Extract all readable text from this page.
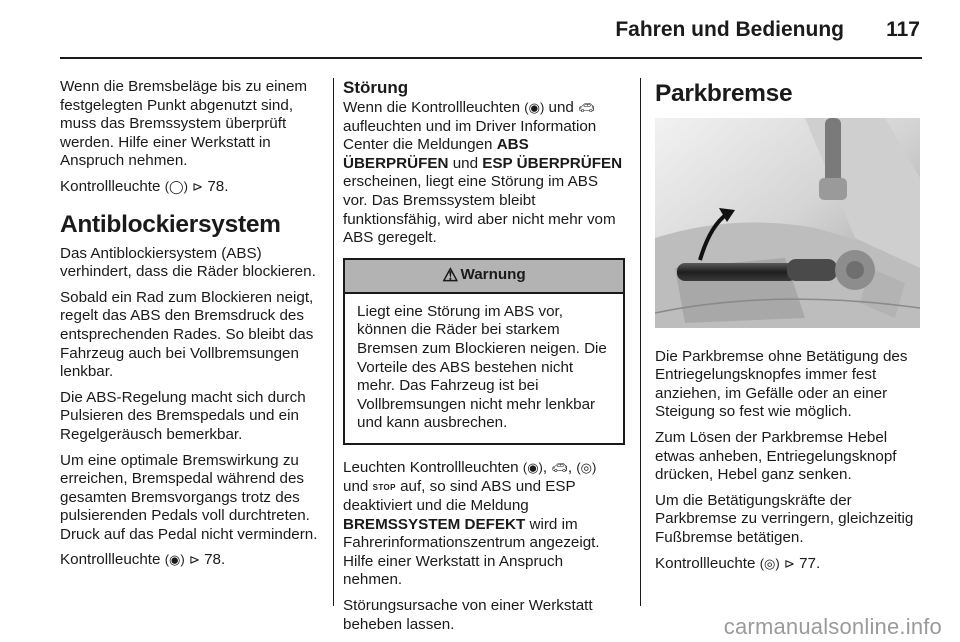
Fahren und Bedienung 117

Wenn die Bremsbeläge bis zu einem festgelegten Punkt abgenutzt sind, muss das Bremssystem überprüft werden. Hilfe einer Werkstatt in Anspruch nehmen.

Kontrollleuchte (◯) ⊳ 78.

Antiblockiersystem

Das Antiblockiersystem (ABS) verhindert, dass die Räder blockieren.

Sobald ein Rad zum Blockieren neigt, regelt das ABS den Bremsdruck des entsprechenden Rades. So bleibt das Fahrzeug auch bei Vollbremsungen lenkbar.

Die ABS-Regelung macht sich durch Pulsieren des Bremspedals und ein Regelgeräusch bemerkbar.

Um eine optimale Bremswirkung zu erreichen, Bremspedal während des gesamten Bremsvorgangs trotz des pulsierenden Pedals voll durchtreten. Druck auf das Pedal nicht vermindern.

Kontrollleuchte (◉) ⊳ 78.

Störung

Wenn die Kontrollleuchten (◉) und 🚗︎ aufleuchten und im Driver Information Center die Meldungen ABS ÜBERPRÜFEN und ESP ÜBERPRÜFEN erscheinen, liegt eine Störung im ABS vor. Das Bremssystem bleibt funktionsfähig, wird aber nicht mehr vom ABS geregelt.

⚠ Warnung
Liegt eine Störung im ABS vor, können die Räder bei starkem Bremsen zum Blockieren neigen. Die Vorteile des ABS bestehen nicht mehr. Das Fahrzeug ist bei Vollbremsungen nicht mehr lenkbar und kann ausbrechen.

Leuchten Kontrollleuchten (◉), 🚗︎, (◎) und STOP auf, so sind ABS und ESP deaktiviert und die Meldung BREMSSYSTEM DEFEKT wird im Fahrerinformationszentrum angezeigt. Hilfe einer Werkstatt in Anspruch nehmen.

Störungsursache von einer Werkstatt beheben lassen.

Parkbremse

Die Parkbremse ohne Betätigung des Entriegelungsknopfes immer fest anziehen, im Gefälle oder an einer Steigung so fest wie möglich.

Zum Lösen der Parkbremse Hebel etwas anheben, Entriegelungsknopf drücken, Hebel ganz senken.

Um die Betätigungskräfte der Parkbremse zu verringern, gleichzeitig Fußbremse betätigen.

Kontrollleuchte (◎) ⊳ 77.

carmanualsonline.info
